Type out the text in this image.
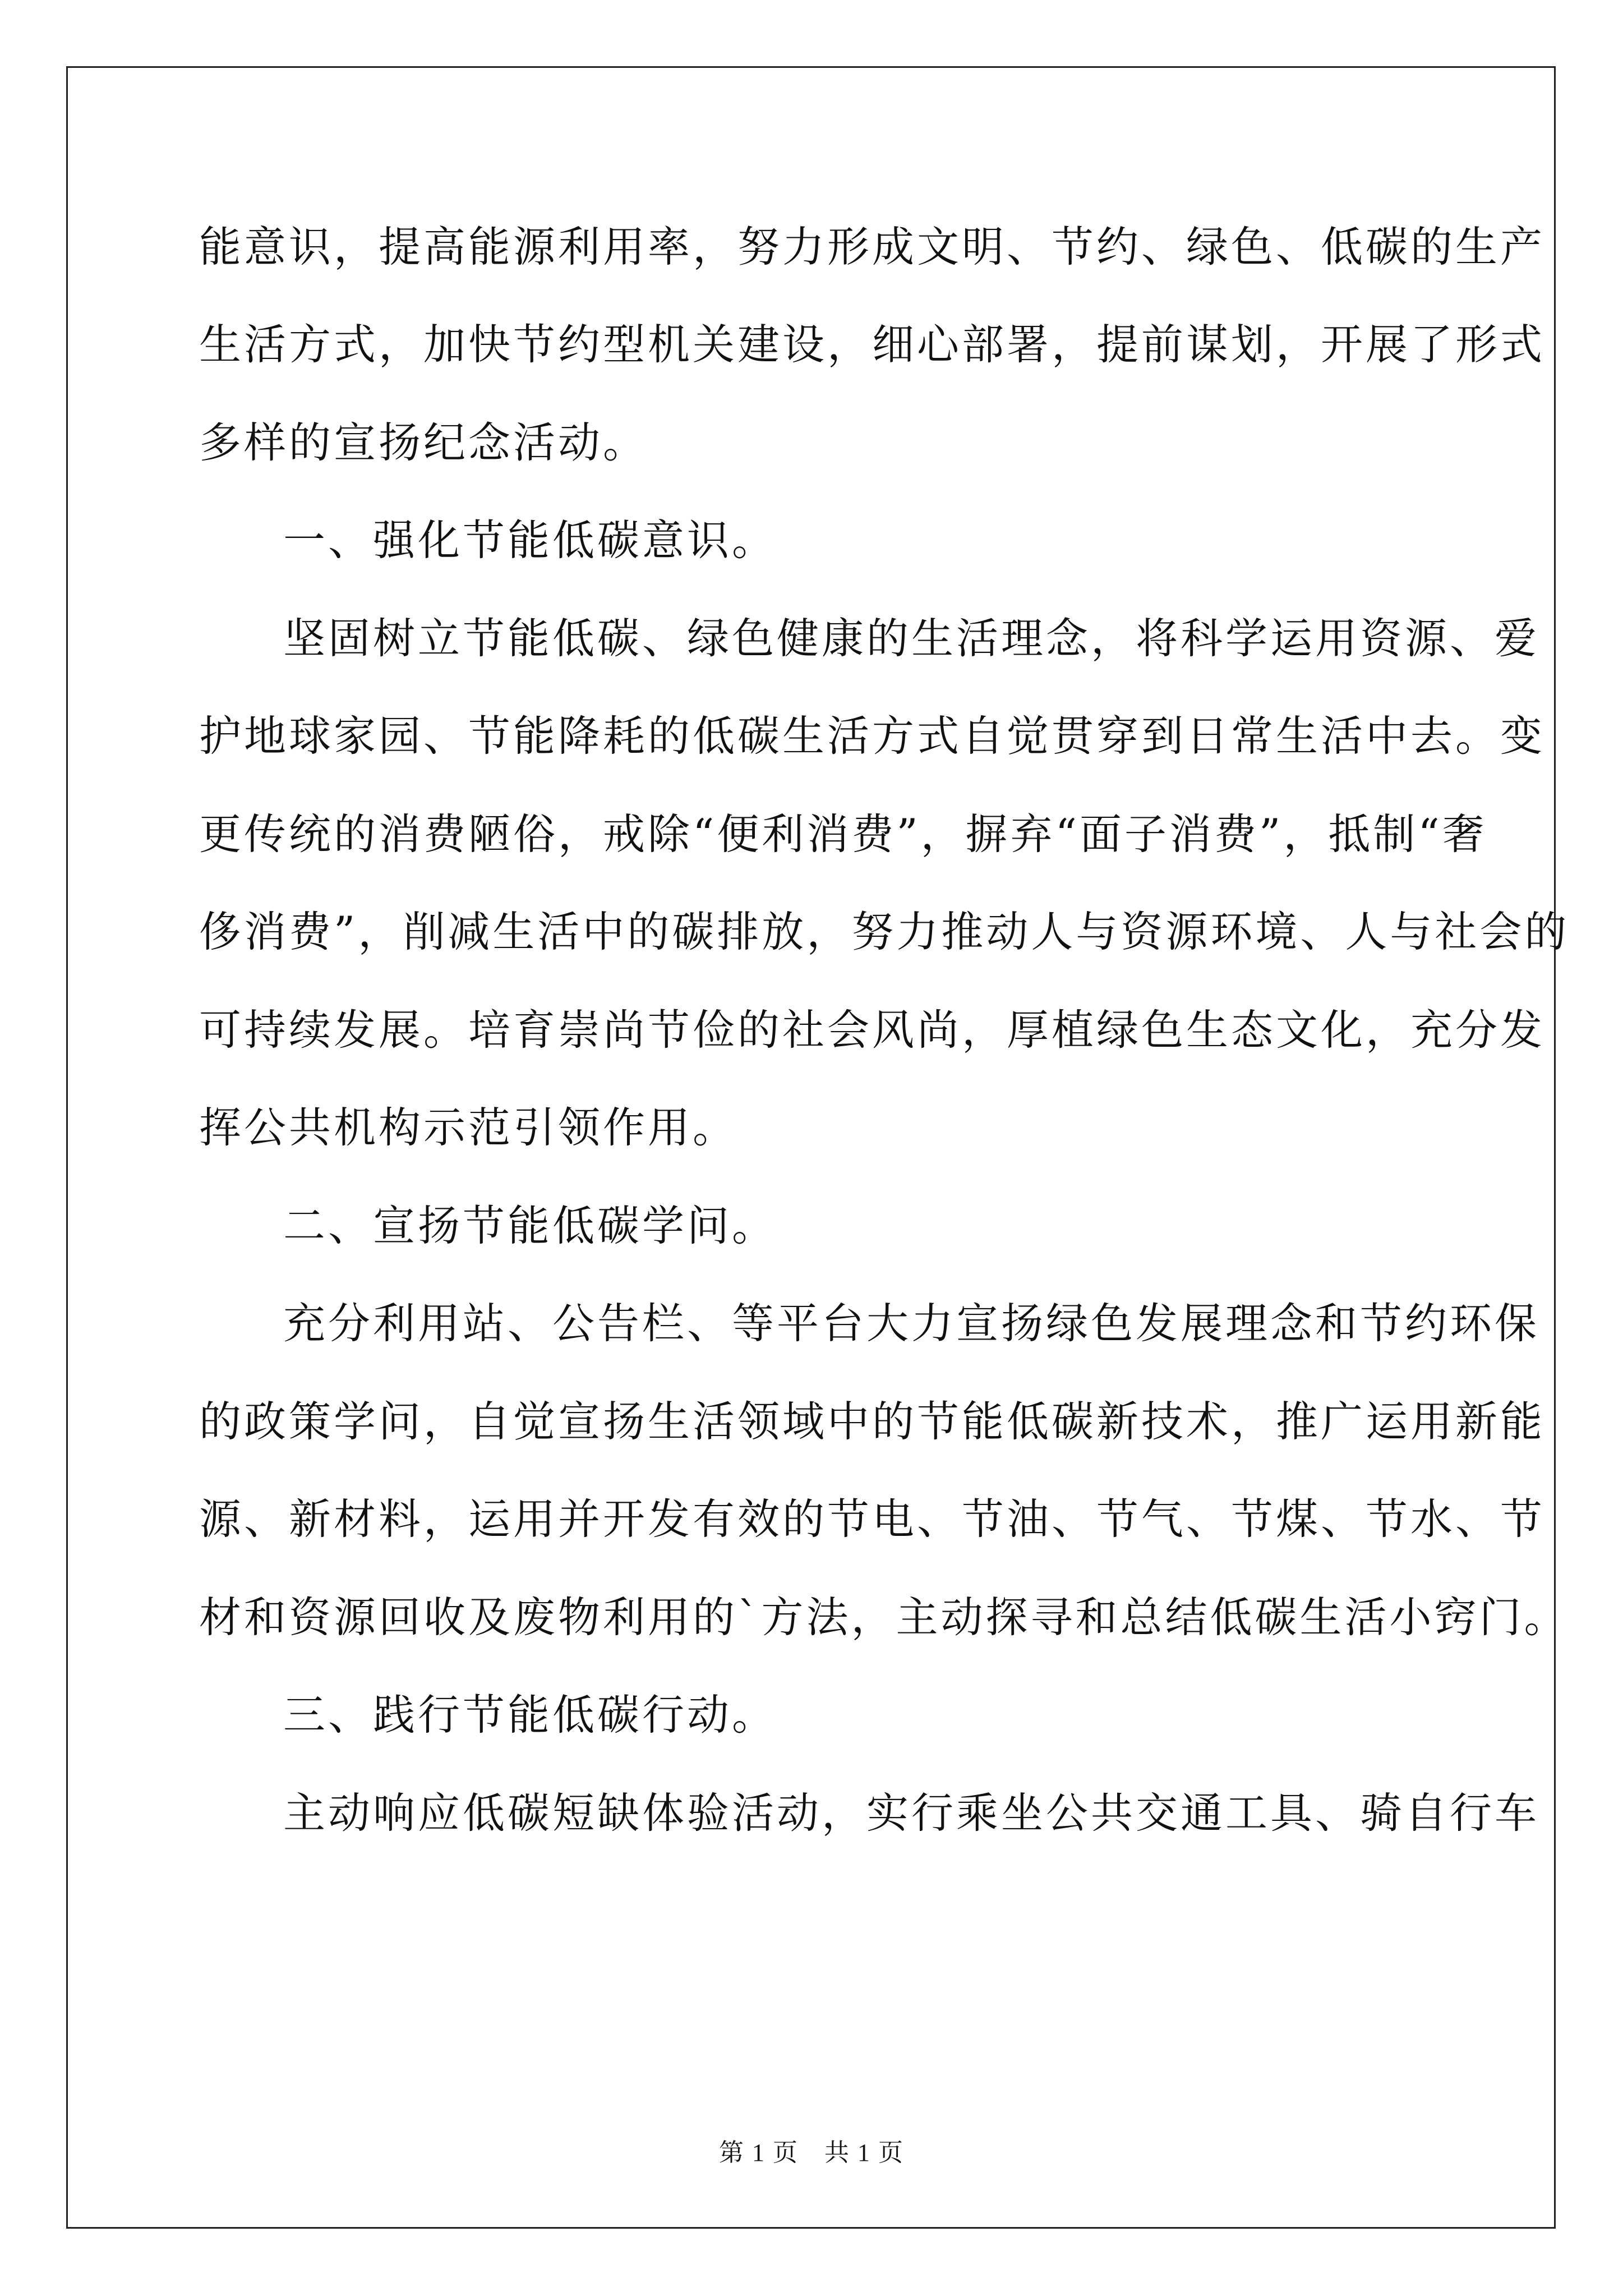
能意识，提高能源利用率，努力形成文明、节约、绿色、低碳的生产
生活方式，加快节约型机关建设，细心部署，提前谋划，开展了形式
多样的宣扬纪念活动。
一、强化节能低碳意识。
坚固树立节能低碳、绿色健康的生活理念，将科学运用资源、爱
护地球家园、节能降耗的低碳生活方式自觉贯穿到日常生活中去。变
更传统的消费陋俗，戒除“便利消费”，摒弃“面子消费”，抵制“奢
侈消费”，削减生活中的碳排放，努力推动人与资源环境、人与社会的
可持续发展。培育崇尚节俭的社会风尚，厚植绿色生态文化，充分发
挥公共机构示范引领作用。
二、宣扬节能低碳学问。
充分利用站、公告栏、等平台大力宣扬绿色发展理念和节约环保
的政策学问，自觉宣扬生活领域中的节能低碳新技术，推广运用新能
源、新材料，运用并开发有效的节电、节油、节气、节煤、节水、节
材和资源回收及废物利用的`方法，主动探寻和总结低碳生活小窍门。
三、践行节能低碳行动。
主动响应低碳短缺体验活动，实行乘坐公共交通工具、骑自行车
第 1 页 共 1 页
